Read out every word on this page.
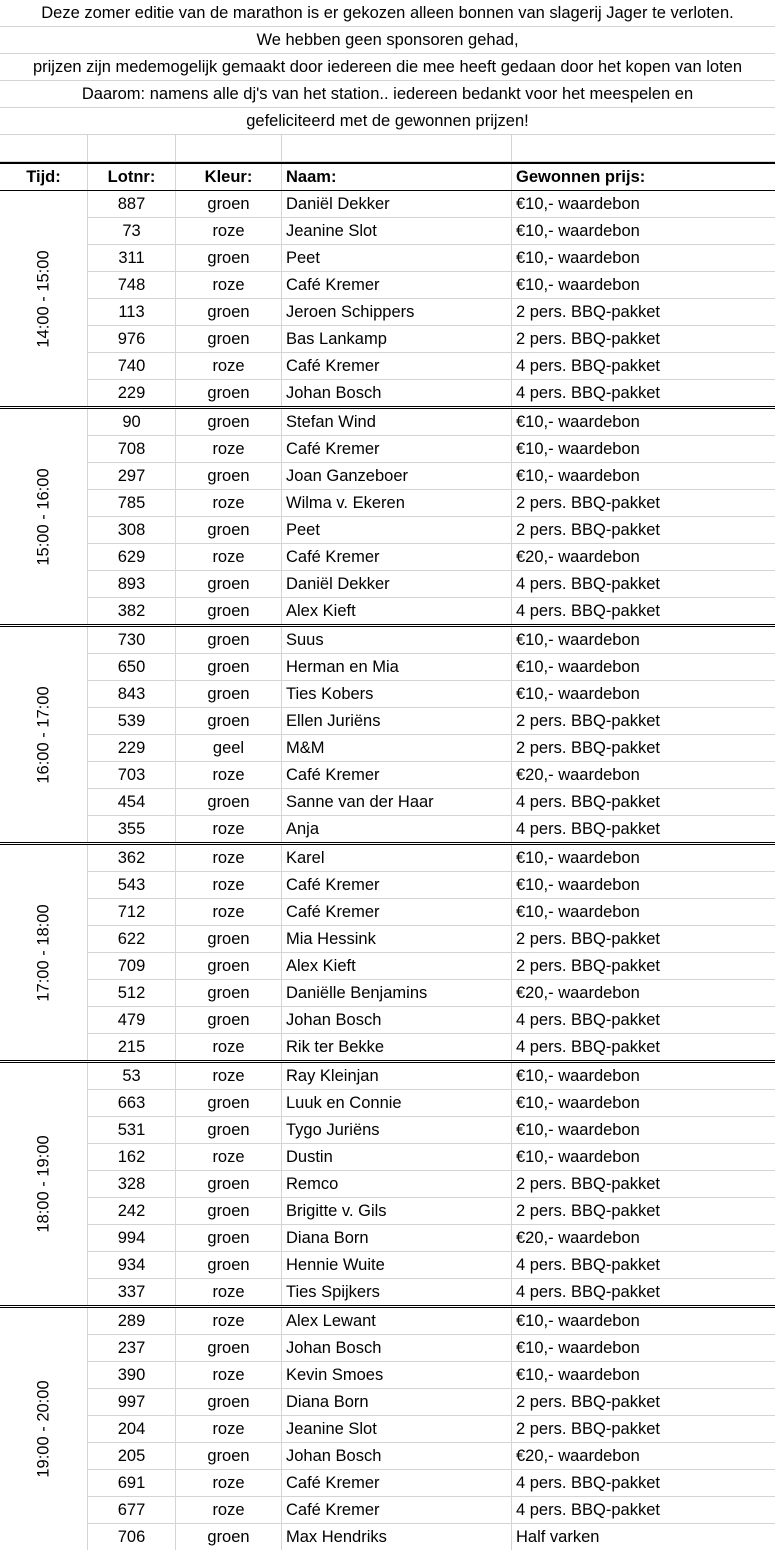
Deze zomer editie van de marathon is er gekozen alleen bonnen van slagerij Jager te verloten.
We hebben geen sponsoren gehad,
prijzen zijn medemogelijk gemaakt door iedereen die mee heeft gedaan door het kopen van loten
Daarom: namens alle dj's van het station.. iedereen bedankt voor het meespelen en
gefeliciteerd met de gewonnen prijzen!
Tijd:	Lotnr:	Kleur:	Naam:	Gewonnen prijs:
14:00 - 15:00
887	groen	Daniël Dekker	€10,- waardebon
73	roze	Jeanine Slot	€10,- waardebon
311	groen	Peet	€10,- waardebon
748	roze	Café Kremer	€10,- waardebon
113	groen	Jeroen Schippers	2 pers. BBQ-pakket
976	groen	Bas Lankamp	2 pers. BBQ-pakket
740	roze	Café Kremer	4 pers. BBQ-pakket
229	groen	Johan Bosch	4 pers. BBQ-pakket
15:00 - 16:00
90	groen	Stefan Wind	€10,- waardebon
708	roze	Café Kremer	€10,- waardebon
297	groen	Joan Ganzeboer	€10,- waardebon
785	roze	Wilma v. Ekeren	2 pers. BBQ-pakket
308	groen	Peet	2 pers. BBQ-pakket
629	roze	Café Kremer	€20,- waardebon
893	groen	Daniël Dekker	4 pers. BBQ-pakket
382	groen	Alex Kieft	4 pers. BBQ-pakket
16:00 - 17:00
730	groen	Suus	€10,- waardebon
650	groen	Herman en Mia	€10,- waardebon
843	groen	Ties Kobers	€10,- waardebon
539	groen	Ellen Juriëns	2 pers. BBQ-pakket
229	geel	M&M	2 pers. BBQ-pakket
703	roze	Café Kremer	€20,- waardebon
454	groen	Sanne van der Haar	4 pers. BBQ-pakket
355	roze	Anja	4 pers. BBQ-pakket
17:00 - 18:00
362	roze	Karel	€10,- waardebon
543	roze	Café Kremer	€10,- waardebon
712	roze	Café Kremer	€10,- waardebon
622	groen	Mia Hessink	2 pers. BBQ-pakket
709	groen	Alex Kieft	2 pers. BBQ-pakket
512	groen	Daniëlle Benjamins	€20,- waardebon
479	groen	Johan Bosch	4 pers. BBQ-pakket
215	roze	Rik ter Bekke	4 pers. BBQ-pakket
18:00 - 19:00
53	roze	Ray Kleinjan	€10,- waardebon
663	groen	Luuk en Connie	€10,- waardebon
531	groen	Tygo Juriëns	€10,- waardebon
162	roze	Dustin	€10,- waardebon
328	groen	Remco	2 pers. BBQ-pakket
242	groen	Brigitte v. Gils	2 pers. BBQ-pakket
994	groen	Diana Born	€20,- waardebon
934	groen	Hennie Wuite	4 pers. BBQ-pakket
337	roze	Ties Spijkers	4 pers. BBQ-pakket
19:00 - 20:00
289	roze	Alex Lewant	€10,- waardebon
237	groen	Johan Bosch	€10,- waardebon
390	roze	Kevin Smoes	€10,- waardebon
997	groen	Diana Born	2 pers. BBQ-pakket
204	roze	Jeanine Slot	2 pers. BBQ-pakket
205	groen	Johan Bosch	€20,- waardebon
691	roze	Café Kremer	4 pers. BBQ-pakket
677	roze	Café Kremer	4 pers. BBQ-pakket
706	groen	Max Hendriks	Half varken
